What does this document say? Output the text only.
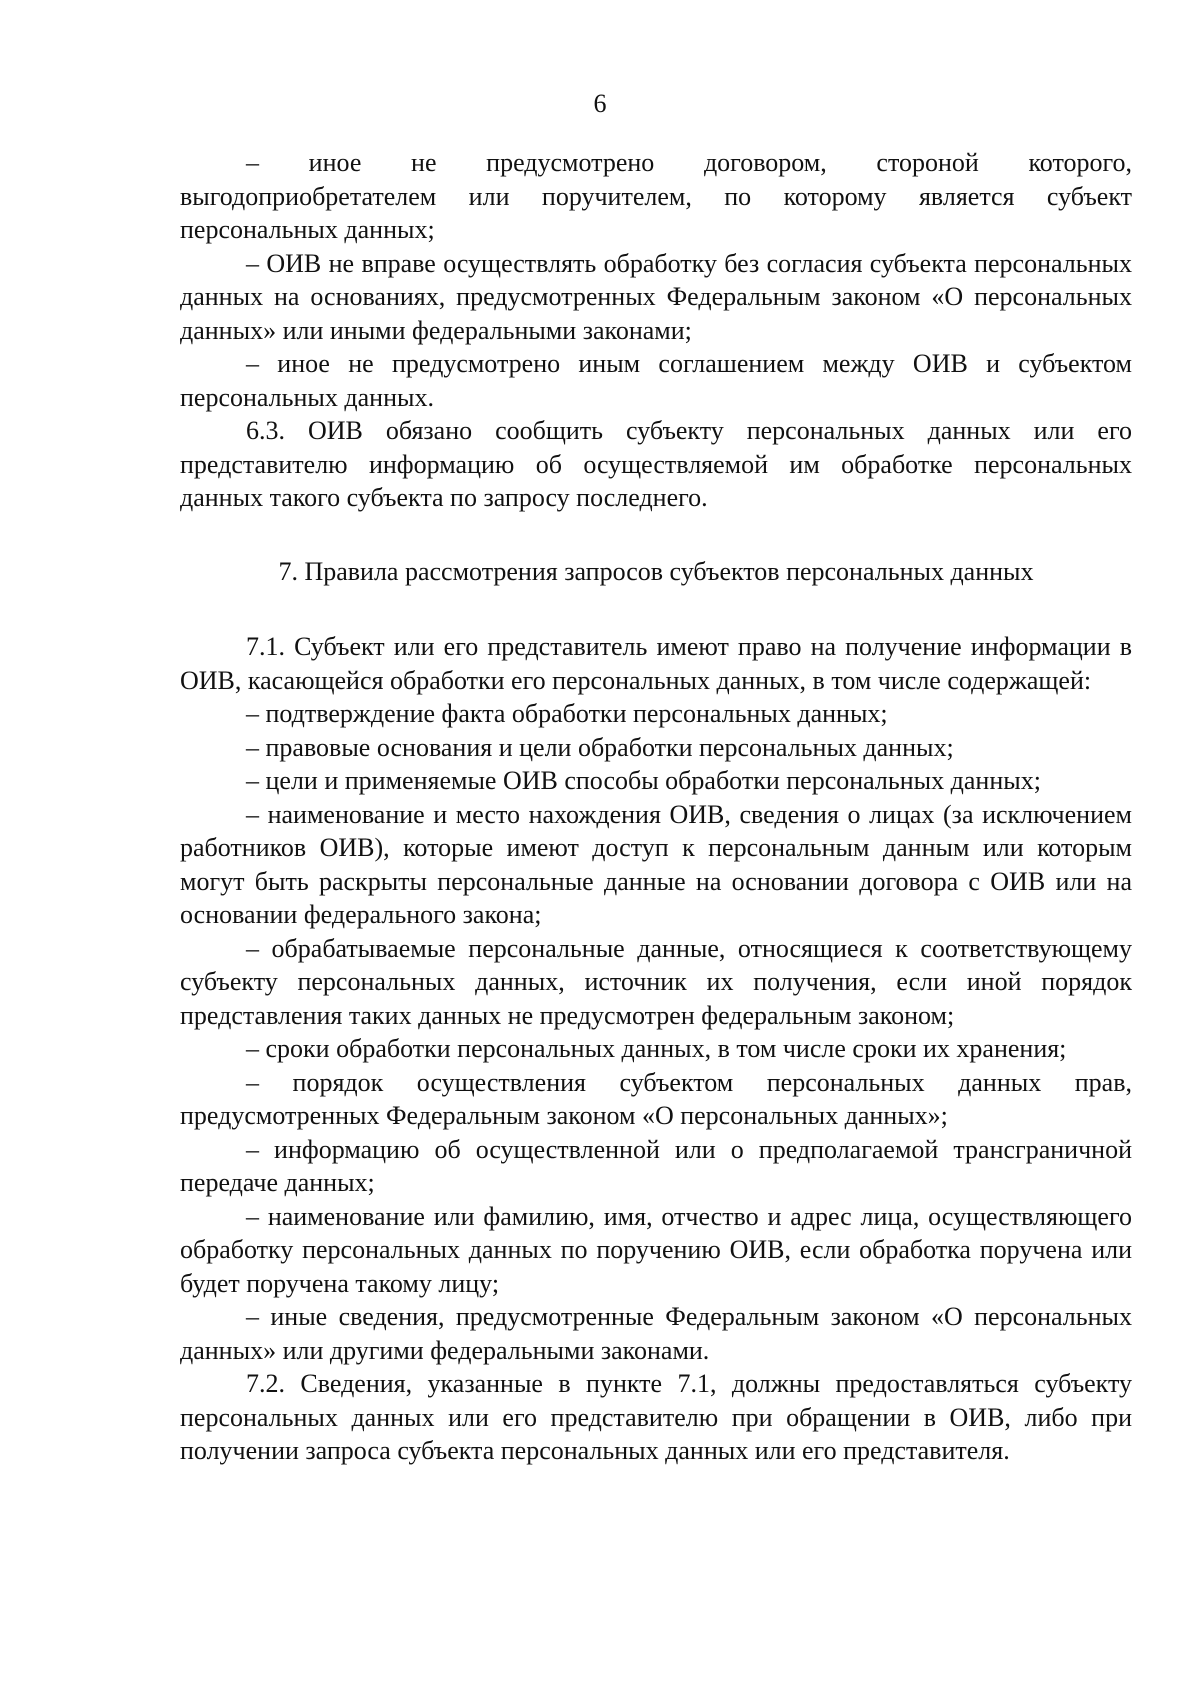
6

– иное не предусмотрено договором, стороной которого, выгодоприобретателем или поручителем, по которому является субъект персональных данных;

– ОИВ не вправе осуществлять обработку без согласия субъекта персональных данных на основаниях, предусмотренных Федеральным законом «О персональных данных» или иными федеральными законами;

– иное не предусмотрено иным соглашением между ОИВ и субъектом персональных данных.

6.3. ОИВ обязано сообщить субъекту персональных данных или его представителю информацию об осуществляемой им обработке персональных данных такого субъекта по запросу последнего.

7. Правила рассмотрения запросов субъектов персональных данных

7.1. Субъект или его представитель имеют право на получение информации в ОИВ, касающейся обработки его персональных данных, в том числе содержащей:

– подтверждение факта обработки персональных данных;

– правовые основания и цели обработки персональных данных;

– цели и применяемые ОИВ способы обработки персональных данных;

– наименование и место нахождения ОИВ, сведения о лицах (за исключением работников ОИВ), которые имеют доступ к персональным данным или которым могут быть раскрыты персональные данные на основании договора с ОИВ или на основании федерального закона;

– обрабатываемые персональные данные, относящиеся к соответствующему субъекту персональных данных, источник их получения, если иной порядок представления таких данных не предусмотрен федеральным законом;

– сроки обработки персональных данных, в том числе сроки их хранения;

– порядок осуществления субъектом персональных данных прав, предусмотренных Федеральным законом «О персональных данных»;

– информацию об осуществленной или о предполагаемой трансграничной передаче данных;

– наименование или фамилию, имя, отчество и адрес лица, осуществляющего обработку персональных данных по поручению ОИВ, если обработка поручена или будет поручена такому лицу;

– иные сведения, предусмотренные Федеральным законом «О персональных данных» или другими федеральными законами.

7.2. Сведения, указанные в пункте 7.1, должны предоставляться субъекту персональных данных или его представителю при обращении в ОИВ, либо при получении запроса субъекта персональных данных или его представителя.
